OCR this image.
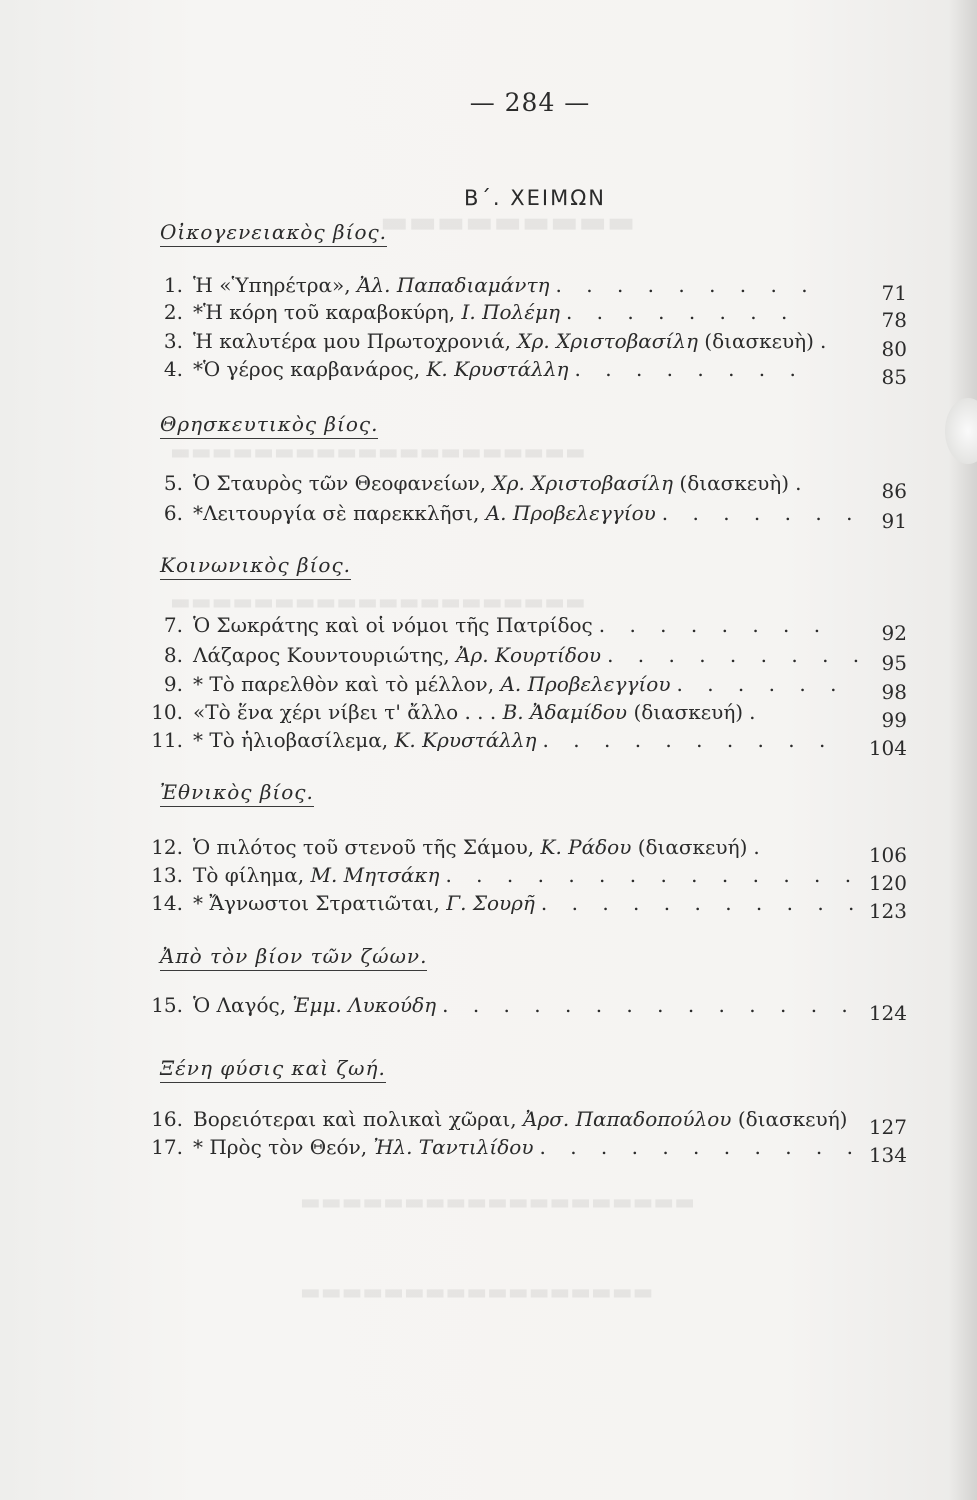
▬▬▬▬▬▬▬▬▬
▬▬▬▬▬▬▬▬▬▬▬▬▬▬▬▬▬▬▬▬
▬▬▬▬▬▬▬▬▬▬▬▬▬▬▬▬▬▬▬▬
▬▬▬▬▬▬▬▬▬▬▬▬▬▬▬▬▬▬▬
▬▬▬▬▬▬▬▬▬▬▬▬▬▬▬▬▬
— 284 —
Β΄. ΧΕΙΜΩΝ
Οἰκογενειακὸς βίος.
1. Ἡ «Ὑπηρέτρα», Ἀλ. Παπαδιαμάντη . . . . . . . . .	71
2. *Ἡ κόρη τοῦ καραβοκύρη, Ι. Πολέμη . . . . . . . .	78
3. Ἡ καλυτέρα μου Πρωτοχρονιά, Χρ. Χριστοβασίλη (διασκευὴ) . 80
4. *Ὁ γέρος καρβανάρος, Κ. Κρυστάλλη . . . . . . . .	85
Θρησκευτικὸς βίος.
5. Ὁ Σταυρὸς τῶν Θεοφανείων, Χρ. Χριστοβασίλη (διασκευὴ) .	86
6. *Λειτουργία σὲ παρεκκλῆσι, Α. Προβελεγγίου . . . . . . . 91
Κοινωνικὸς βίος.
7. Ὁ Σωκράτης καὶ οἱ νόμοι τῆς Πατρίδος . . . . . . . .	92
8. Λάζαρος Κουντουριώτης, Ἀρ. Κουρτίδου . . . . . . . . . 95
9. * Τὸ παρελθὸν καὶ τὸ μέλλον, Α. Προβελεγγίου . . . . . . 98
10. «Τὸ ἕνα χέρι νίβει τ' ἄλλο . . . Β. Ἀδαμίδου (διασκευή) .	99
11. * Τὸ ἡλιοβασίλεμα, Κ. Κρυστάλλη . . . . . . . . . . 104
Ἐθνικὸς βίος.
12. Ὁ πιλότος τοῦ στενοῦ τῆς Σάμου, Κ. Ράδου (διασκευή) .	106
13. Τὸ φίλημα, Μ. Μητσάκη . . . . . . . . . . . . . . 120
14. * Ἄγνωστοι Στρατιῶται, Γ. Σουρῆ . . . . . . . . . . . 123
Ἀπὸ τὸν βίον τῶν ζώων.
15. Ὁ Λαγός, Ἐμμ. Λυκούδη . . . . . . . . . . . . . . 124
Ξένη φύσις καὶ ζωή.
16. Βορειότεραι καὶ πολικαὶ χῶραι, Ἀρσ. Παπαδοπούλου (διασκευή) 127
17. * Πρὸς τὸν Θεόν, Ἠλ. Ταντιλίδου . . . . . . . . . . . 134
